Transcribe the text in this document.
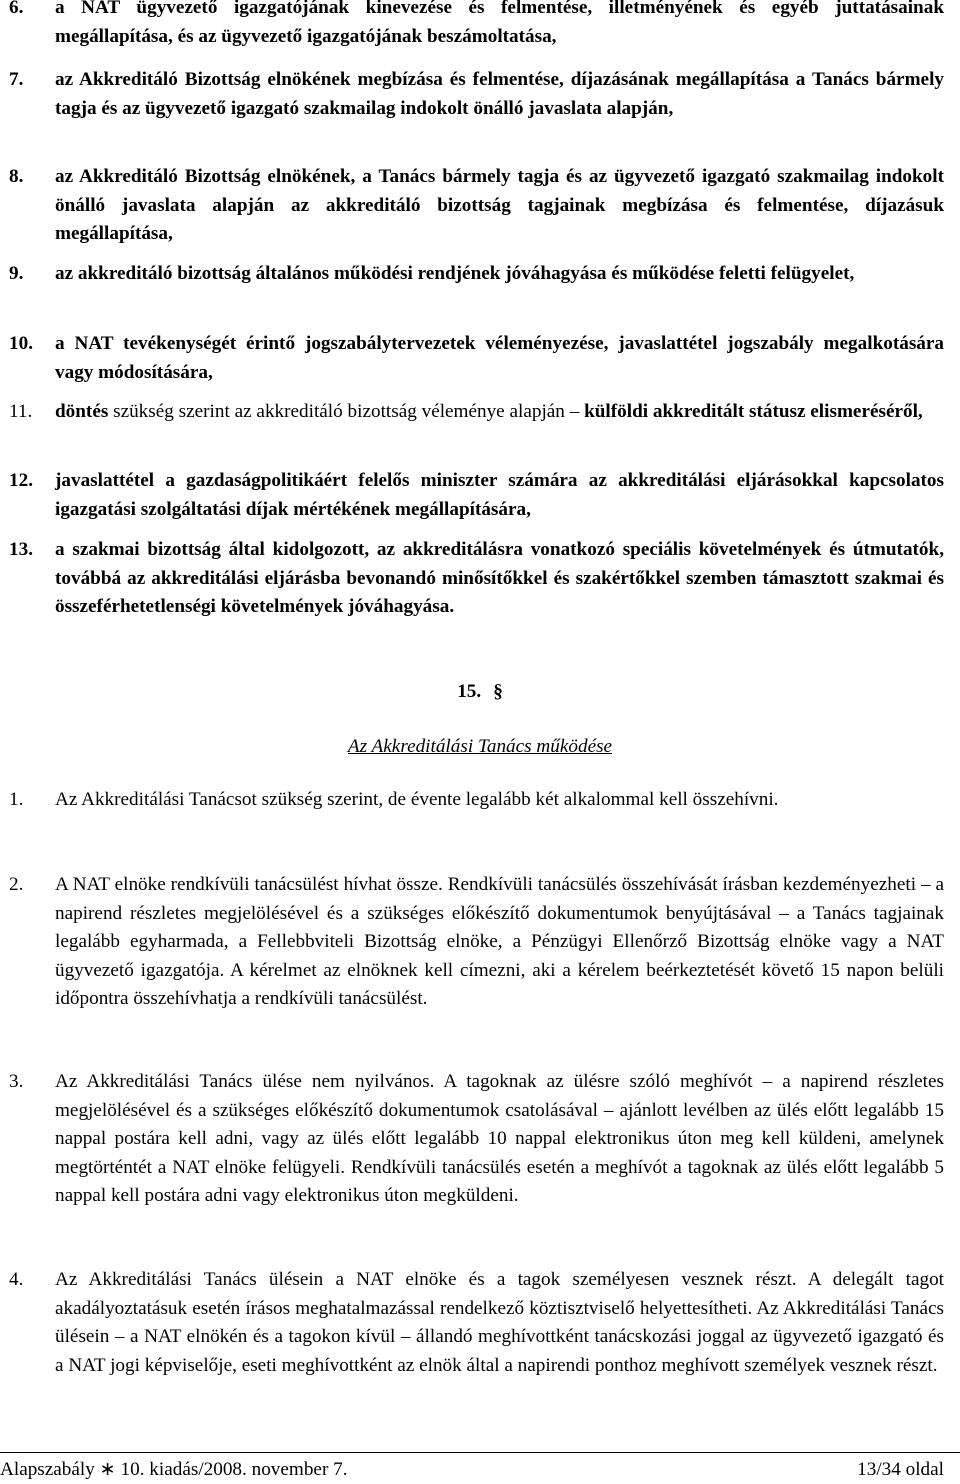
6.	a NAT ügyvezető igazgatójának kinevezése és felmentése, illetményének és egyéb juttatásainak megállapítása, és az ügyvezető igazgatójának beszámoltatása,
7.	az Akkreditáló Bizottság elnökének megbízása és felmentése, díjazásának megállapítása a Tanács bármely tagja és az ügyvezető igazgató szakmailag indokolt önálló javaslata alapján,
8.	az Akkreditáló Bizottság elnökének, a Tanács bármely tagja és az ügyvezető igazgató szakmailag indokolt önálló javaslata alapján az akkreditáló bizottság tagjainak megbízása és felmentése, díjazásuk megállapítása,
9.	az akkreditáló bizottság általános működési rendjének jóváhagyása és működése feletti felügyelet,
10.	a NAT tevékenységét érintő jogszabálytervezetek véleményezése, javaslattétel jogszabály megalkotására vagy módosítására,
11.	döntés szükség szerint az akkreditáló bizottság véleménye alapján – külföldi akkreditált státusz elismeréséről,
12.	javaslattétel a gazdaságpolitikáért felelős miniszter számára az akkreditálási eljárásokkal kapcsolatos igazgatási szolgáltatási díjak mértékének megállapítására,
13.	a szakmai bizottság által kidolgozott, az akkreditálásra vonatkozó speciális követelmények és útmutatók, továbbá az akkreditálási eljárásba bevonandó minősítőkkel és szakértőkkel szemben támasztott szakmai és összeférhetetlenségi követelmények jóváhagyása.
15. §
Az Akkreditálási Tanács működése
1.	Az Akkreditálási Tanácsot szükség szerint, de évente legalább két alkalommal kell összehívni.
2.	A NAT elnöke rendkívüli tanácsülést hívhat össze. Rendkívüli tanácsülés összehívását írásban kezdeményezheti – a napirend részletes megjelölésével és a szükséges előkészítő dokumentumok benyújtásával – a Tanács tagjainak legalább egyharmada, a Fellebbviteli Bizottság elnöke, a Pénzügyi Ellenőrző Bizottság elnöke vagy a NAT ügyvezető igazgatója. A kérelmet az elnöknek kell címezni, aki a kérelem beérkeztetését követő 15 napon belüli időpontra összehívhatja a rendkívüli tanácsülést.
3.	Az Akkreditálási Tanács ülése nem nyilvános. A tagoknak az ülésre szóló meghívót – a napirend részletes megjelölésével és a szükséges előkészítő dokumentumok csatolásával – ajánlott levélben az ülés előtt legalább 15 nappal postára kell adni, vagy az ülés előtt legalább 10 nappal elektronikus úton meg kell küldeni, amelynek megtörténtét a NAT elnöke felügyeli. Rendkívüli tanácsülés esetén a meghívót a tagoknak az ülés előtt legalább 5 nappal kell postára adni vagy elektronikus úton megküldeni.
4.	Az Akkreditálási Tanács ülésein a NAT elnöke és a tagok személyesen vesznek részt. A delegált tagot akadályoztatásuk esetén írásos meghatalmazással rendelkező köztisztviselő helyettesítheti. Az Akkreditálási Tanács ülésein – a NAT elnökén és a tagokon kívül – állandó meghívottként tanácskozási joggal az ügyvezető igazgató és a NAT jogi képviselője, eseti meghívottként az elnök által a napirendi ponthoz meghívott személyek vesznek részt.
Alapszabály ∗ 10. kiadás/2008. november 7.	13/34 oldal
